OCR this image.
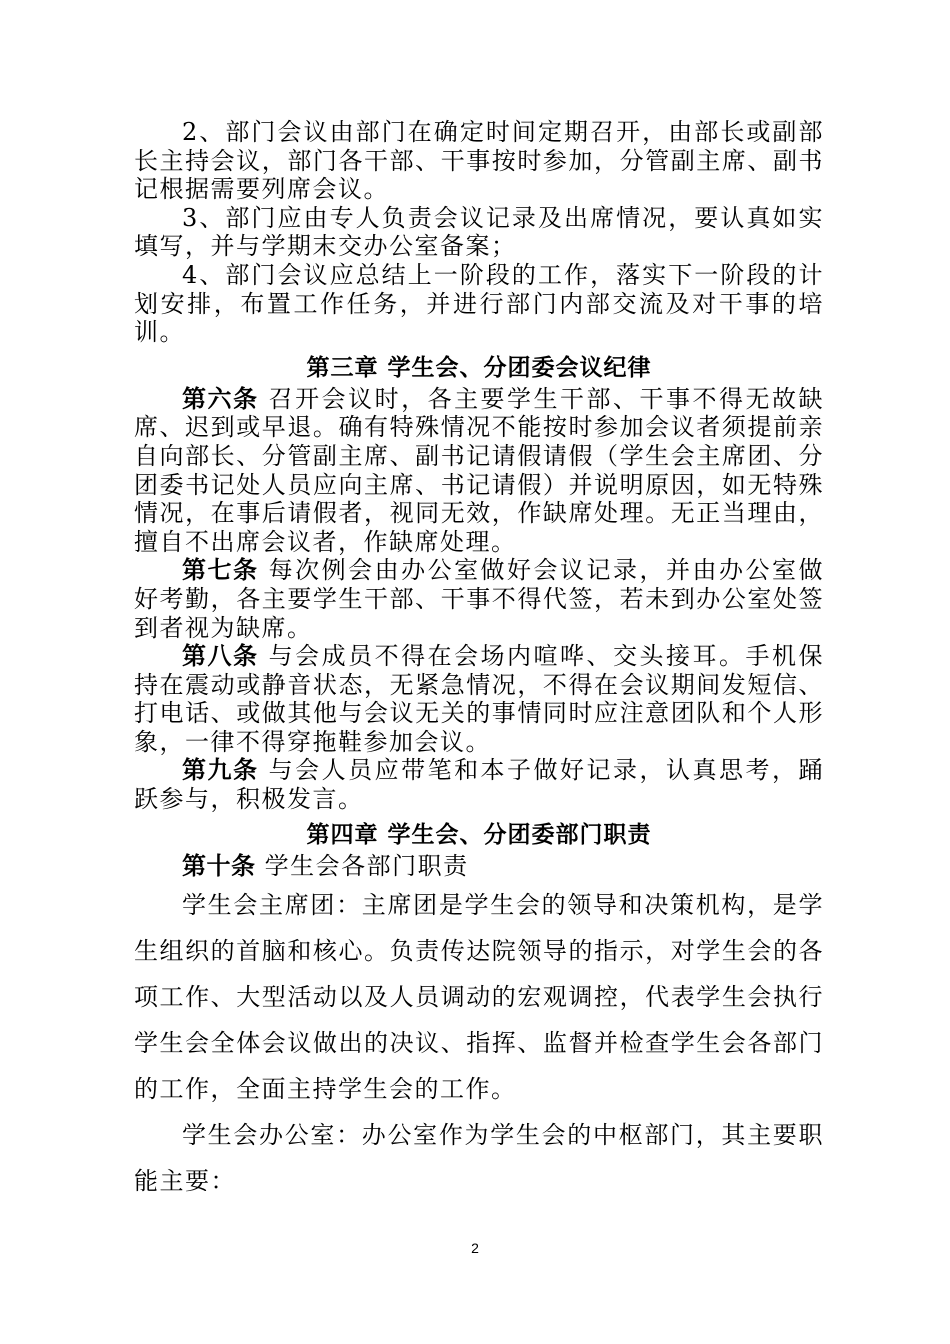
2、部门会议由部门在确定时间定期召开，由部长或副部长主持会议，部门各干部、干事按时参加，分管副主席、副书记根据需要列席会议。

3、部门应由专人负责会议记录及出席情况，要认真如实填写，并与学期末交办公室备案；

4、部门会议应总结上一阶段的工作，落实下一阶段的计划安排，布置工作任务，并进行部门内部交流及对干事的培训。

第三章 学生会、分团委会议纪律

第六条 召开会议时，各主要学生干部、干事不得无故缺席、迟到或早退。确有特殊情况不能按时参加会议者须提前亲自向部长、分管副主席、副书记请假请假（学生会主席团、分团委书记处人员应向主席、书记请假）并说明原因，如无特殊情况，在事后请假者，视同无效，作缺席处理。无正当理由，擅自不出席会议者，作缺席处理。

第七条 每次例会由办公室做好会议记录，并由办公室做好考勤，各主要学生干部、干事不得代签，若未到办公室处签到者视为缺席。

第八条 与会成员不得在会场内喧哗、交头接耳。手机保持在震动或静音状态，无紧急情况，不得在会议期间发短信、打电话、或做其他与会议无关的事情同时应注意团队和个人形象，一律不得穿拖鞋参加会议。

第九条 与会人员应带笔和本子做好记录，认真思考，踊跃参与，积极发言。

第四章 学生会、分团委部门职责

第十条 学生会各部门职责

学生会主席团：主席团是学生会的领导和决策机构，是学生组织的首脑和核心。负责传达院领导的指示，对学生会的各项工作、大型活动以及人员调动的宏观调控，代表学生会执行学生会全体会议做出的决议、指挥、监督并检查学生会各部门的工作，全面主持学生会的工作。

学生会办公室：办公室作为学生会的中枢部门，其主要职能主要：

2
